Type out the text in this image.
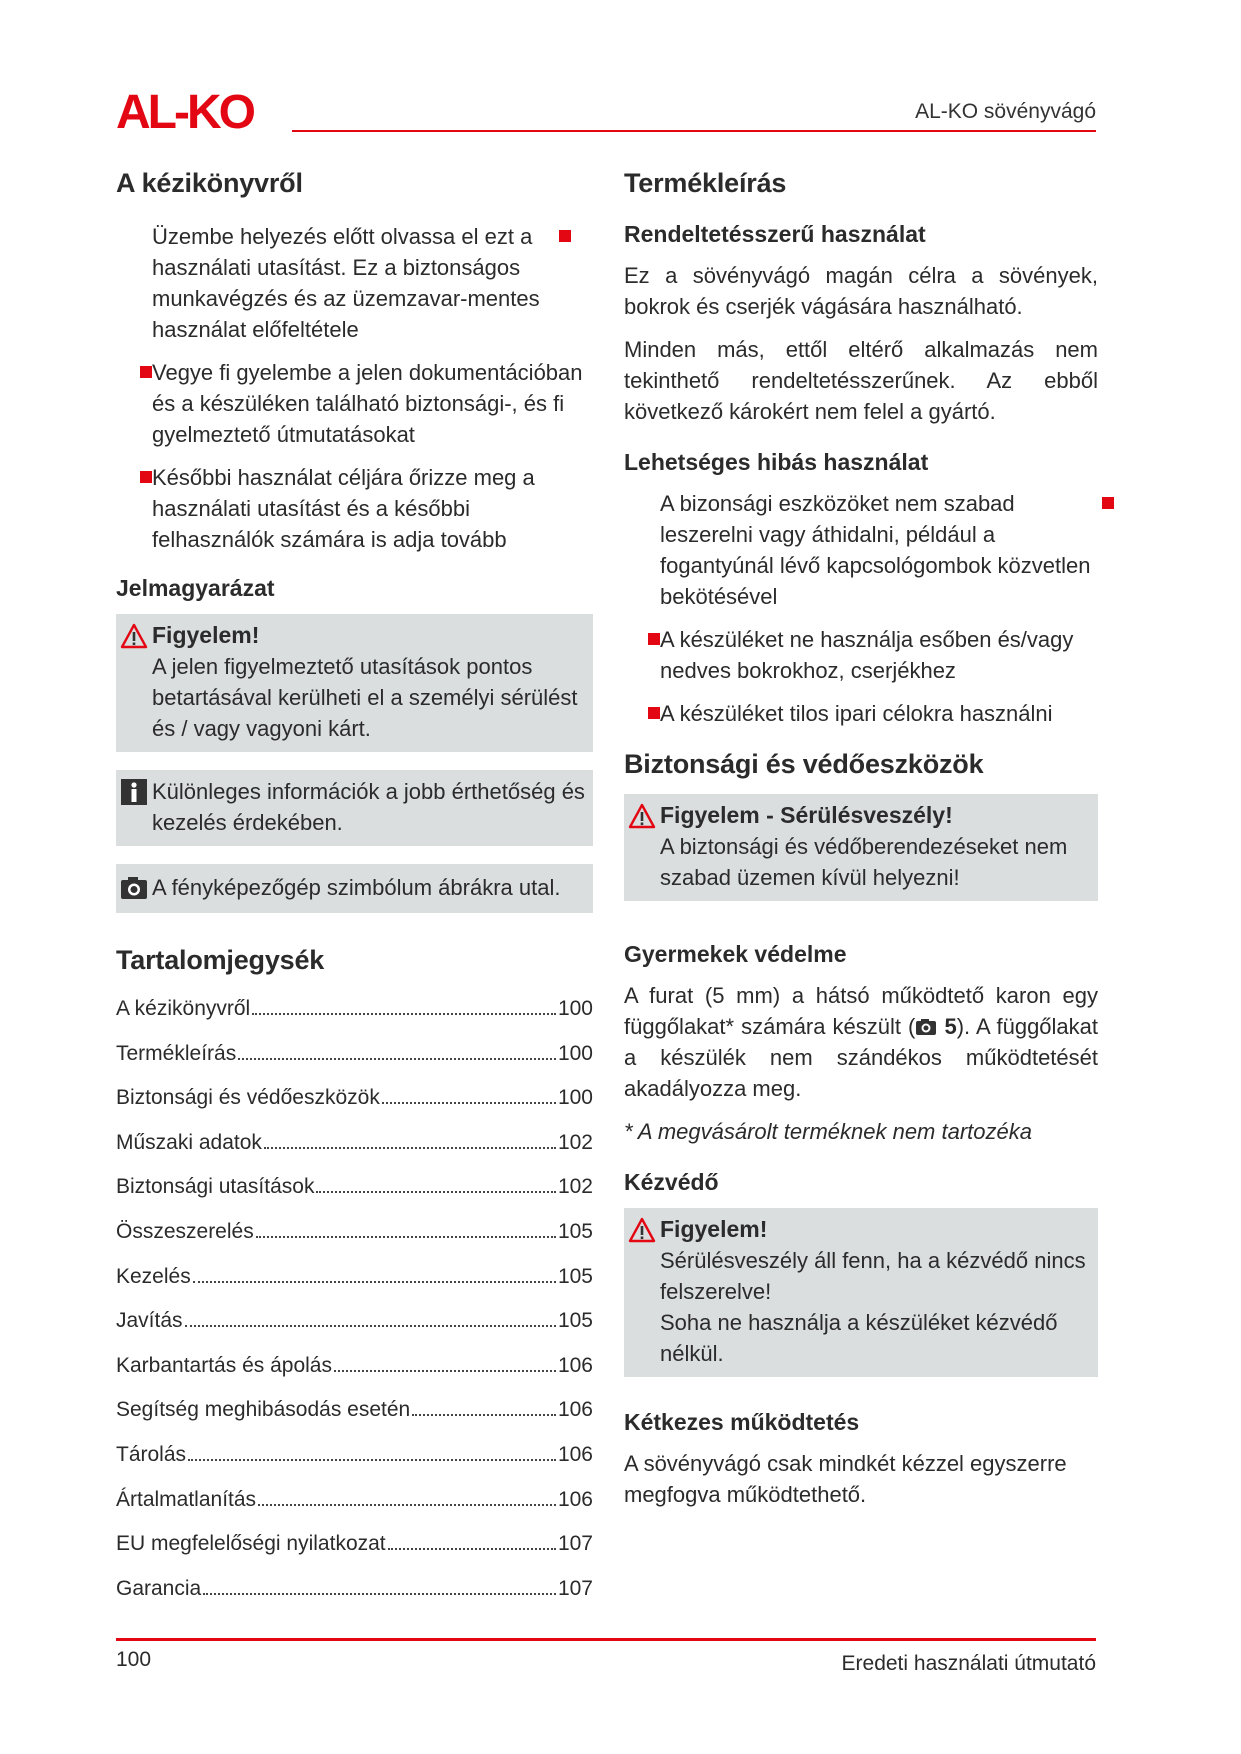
AL-KO	AL-KO sövényvágó
A kézikönyvről
Üzembe helyezés előtt olvassa el ezt a használati utasítást. Ez a biztonságos munkavégzés és az üzemzavar-mentes használat előfeltétele
Vegye fi gyelembe a jelen dokumentációban és a készüléken található biztonsági-, és fi gyelmeztető útmutatásokat
Későbbi használat céljára őrizze meg a használati utasítást és a későbbi felhasználók számára is adja tovább
Jelmagyarázat
Figyelem!
A jelen figyelmeztető utasítások pontos betartásával kerülheti el a személyi sérülést és / vagy vagyoni kárt.
Különleges információk a jobb érthetőség és kezelés érdekében.
A fényképezőgép szimbólum ábrákra utal.
Tartalomjegysék
A kézikönyvről	100
Termékleírás	100
Biztonsági és védőeszközök	100
Műszaki adatok	102
Biztonsági utasítások	102
Összeszerelés	105
Kezelés	105
Javítás	105
Karbantartás és ápolás	106
Segítség meghibásodás esetén	106
Tárolás	106
Ártalmatlanítás	106
EU megfelelőségi nyilatkozat	107
Garancia	107
Termékleírás
Rendeltetésszerű használat

Ez a sövényvágó magán célra a sövények, bokrok és cserjék vágására használható.

Minden más, ettől eltérő alkalmazás nem tekinthető rendeltetésszerűnek. Az ebből következő károkért nem felel a gyártó.

Lehetséges hibás használat
A bizonsági eszközöket nem szabad leszerelni vagy áthidalni, például a fogantyúnál lévő kapcsológombok közvetlen bekötésével
A készüléket ne használja esőben és/vagy nedves bokrokhoz, cserjékhez
A készüléket tilos ipari célokra használni
Biztonsági és védőeszközök
Figyelem - Sérülésveszély!
A biztonsági és védőberendezéseket nem szabad üzemen kívül helyezni!
Gyermekek védelme

A furat (5 mm) a hátsó működtető karon egy függőlakat* számára készült ( 5). A függőlakat a készülék nem szándékos működtetését akadályozza meg.

* A megvásárolt terméknek nem tartozéka

Kézvédő
Figyelem!
Sérülésveszély áll fenn, ha a kézvédő nincs felszerelve!
Soha ne használja a készüléket kézvédő nélkül.
Kétkezes működtetés

A sövényvágó csak mindkét kézzel egyszerre megfogva működtethető.

100	Eredeti használati útmutató
